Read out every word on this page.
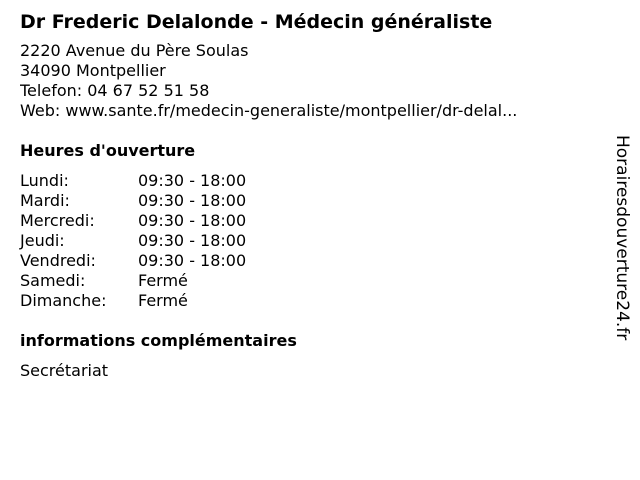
Dr Frederic Delalonde - Médecin généraliste
2220 Avenue du Père Soulas
34090 Montpellier
Telefon: 04 67 52 51 58
Web: www.sante.fr/medecin-generaliste/montpellier/dr-delal...
Heures d'ouverture
Lundi:	09:30 - 18:00
Mardi:	09:30 - 18:00
Mercredi:	09:30 - 18:00
Jeudi:	09:30 - 18:00
Vendredi:	09:30 - 18:00
Samedi:	Fermé
Dimanche:	Fermé
informations complémentaires
Secrétariat
Horairesdouverture24.fr
